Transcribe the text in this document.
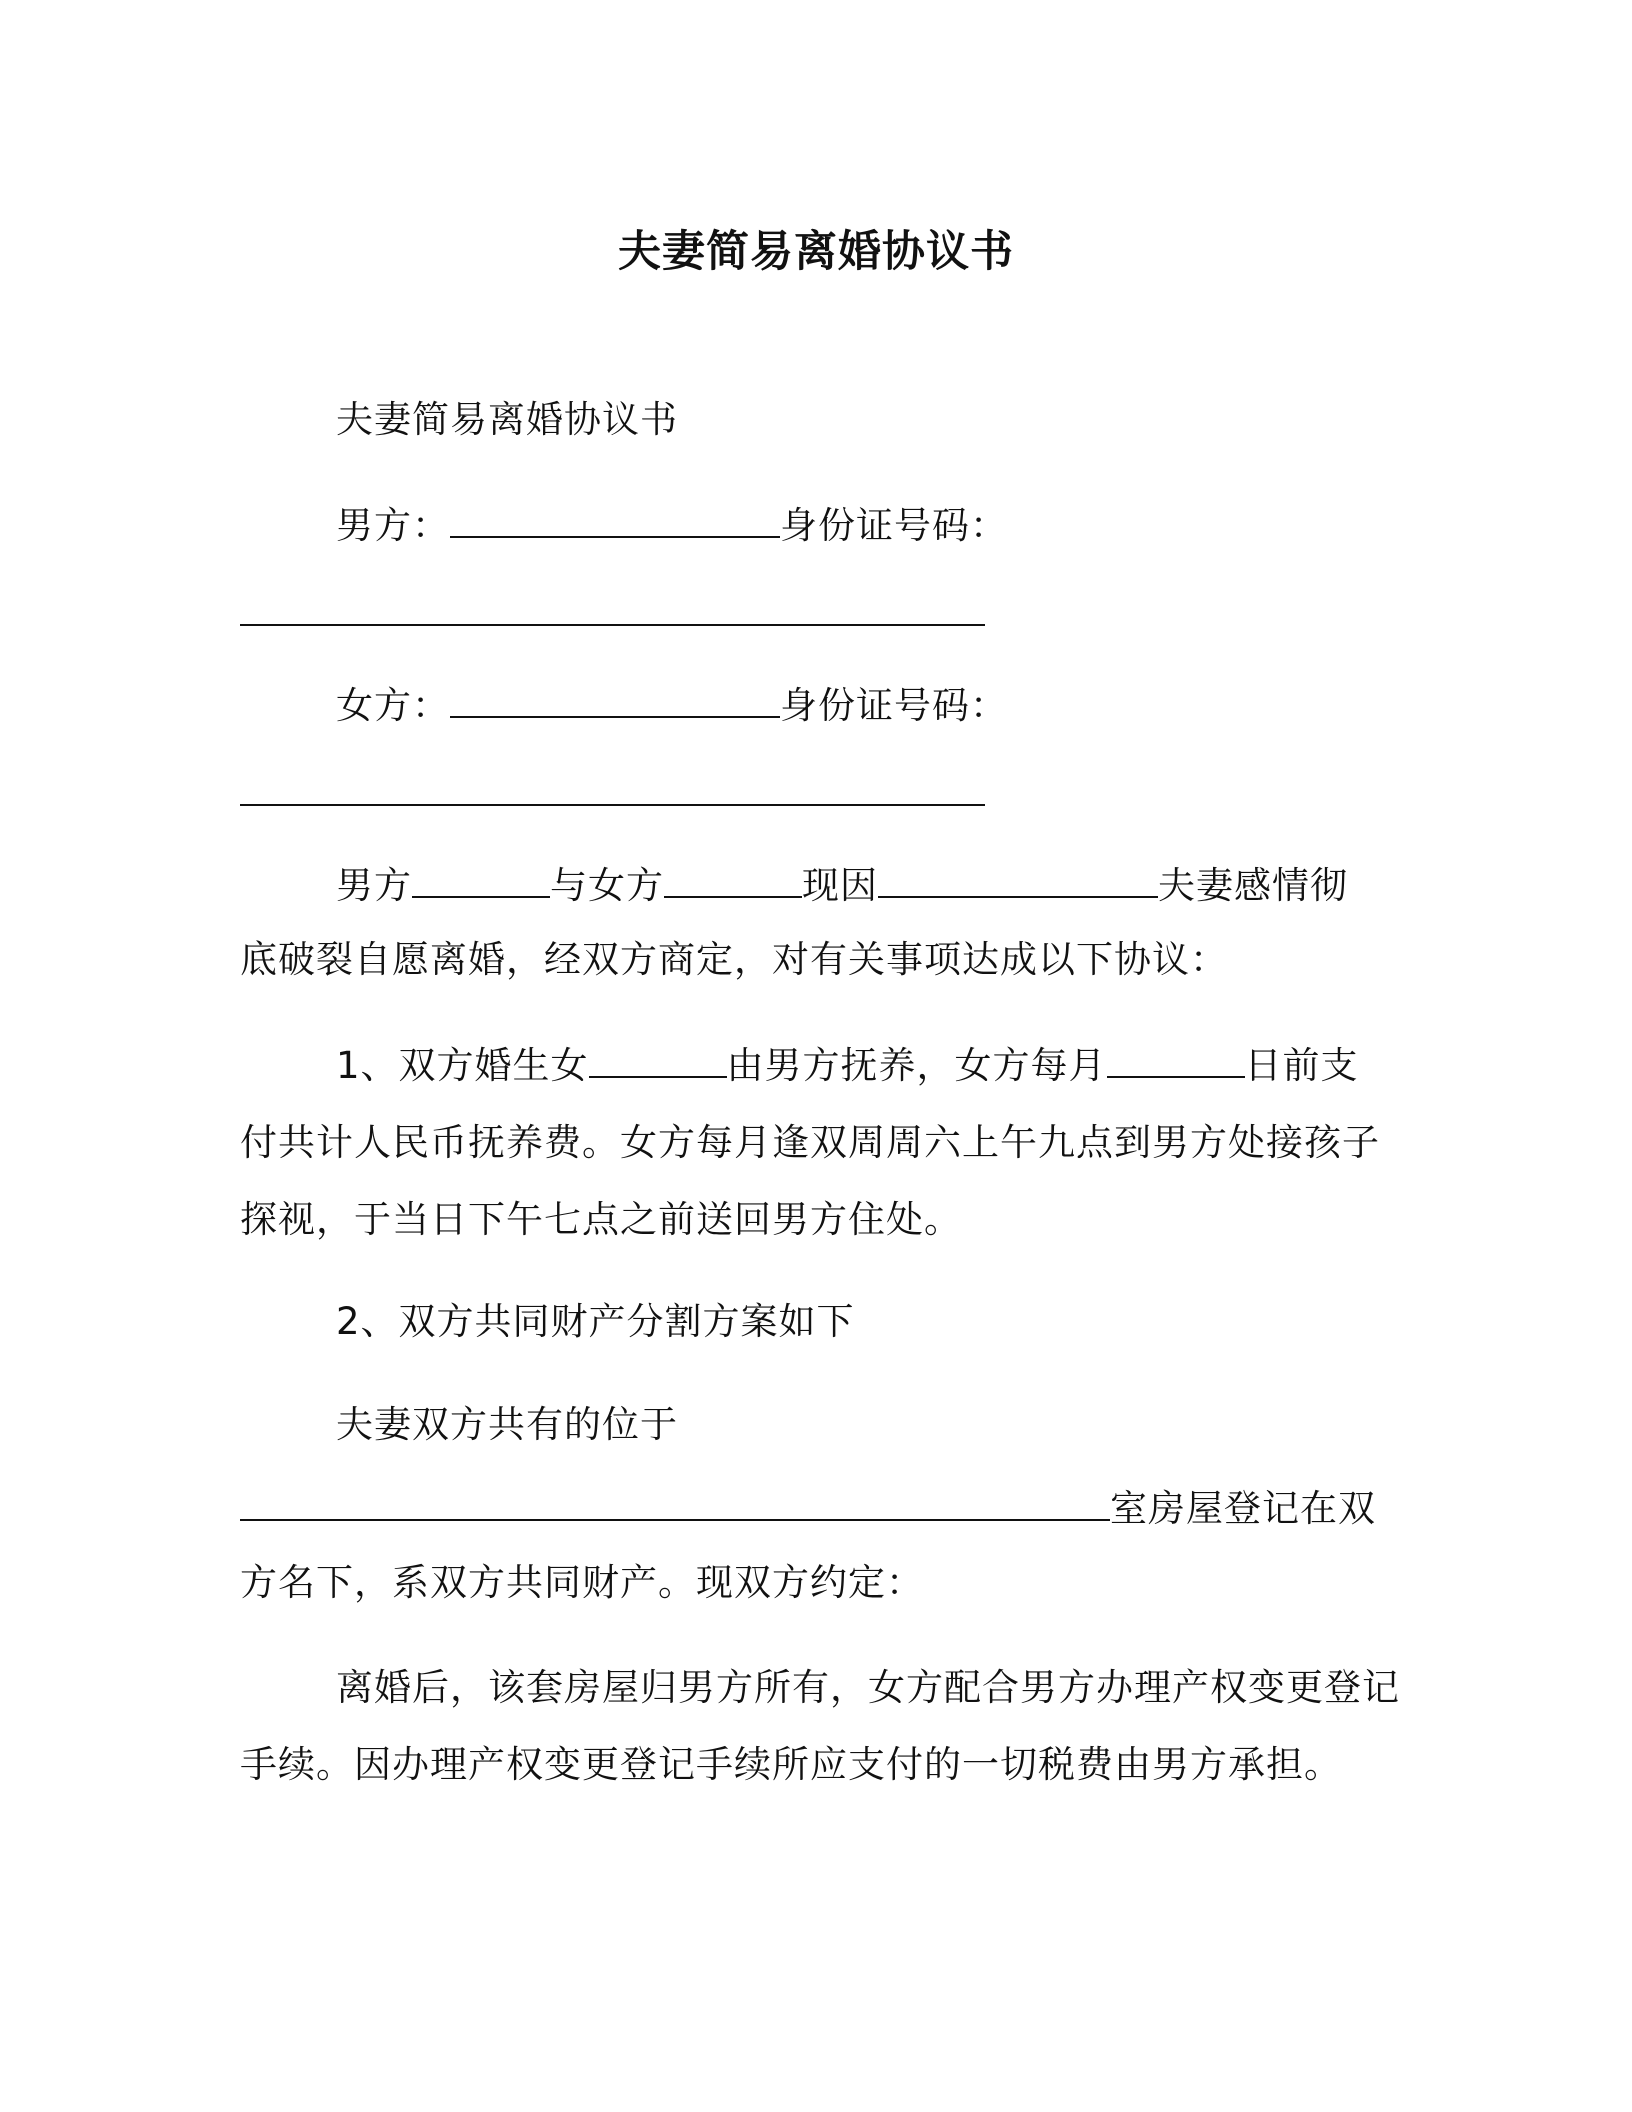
夫妻简易离婚协议书
夫妻简易离婚协议书
男方：	身份证号码：
女方：	身份证号码：
男方	与女方	现因	夫妻感情彻
底破裂自愿离婚，经双方商定，对有关事项达成以下协议：
1、双方婚生女	由男方抚养，女方每月	日前支
付共计人民币抚养费。女方每月逢双周周六上午九点到男方处接孩子
探视，于当日下午七点之前送回男方住处。
2、双方共同财产分割方案如下
夫妻双方共有的位于
室房屋登记在双
方名下，系双方共同财产。现双方约定：
离婚后，该套房屋归男方所有，女方配合男方办理产权变更登记
手续。因办理产权变更登记手续所应支付的一切税费由男方承担。
